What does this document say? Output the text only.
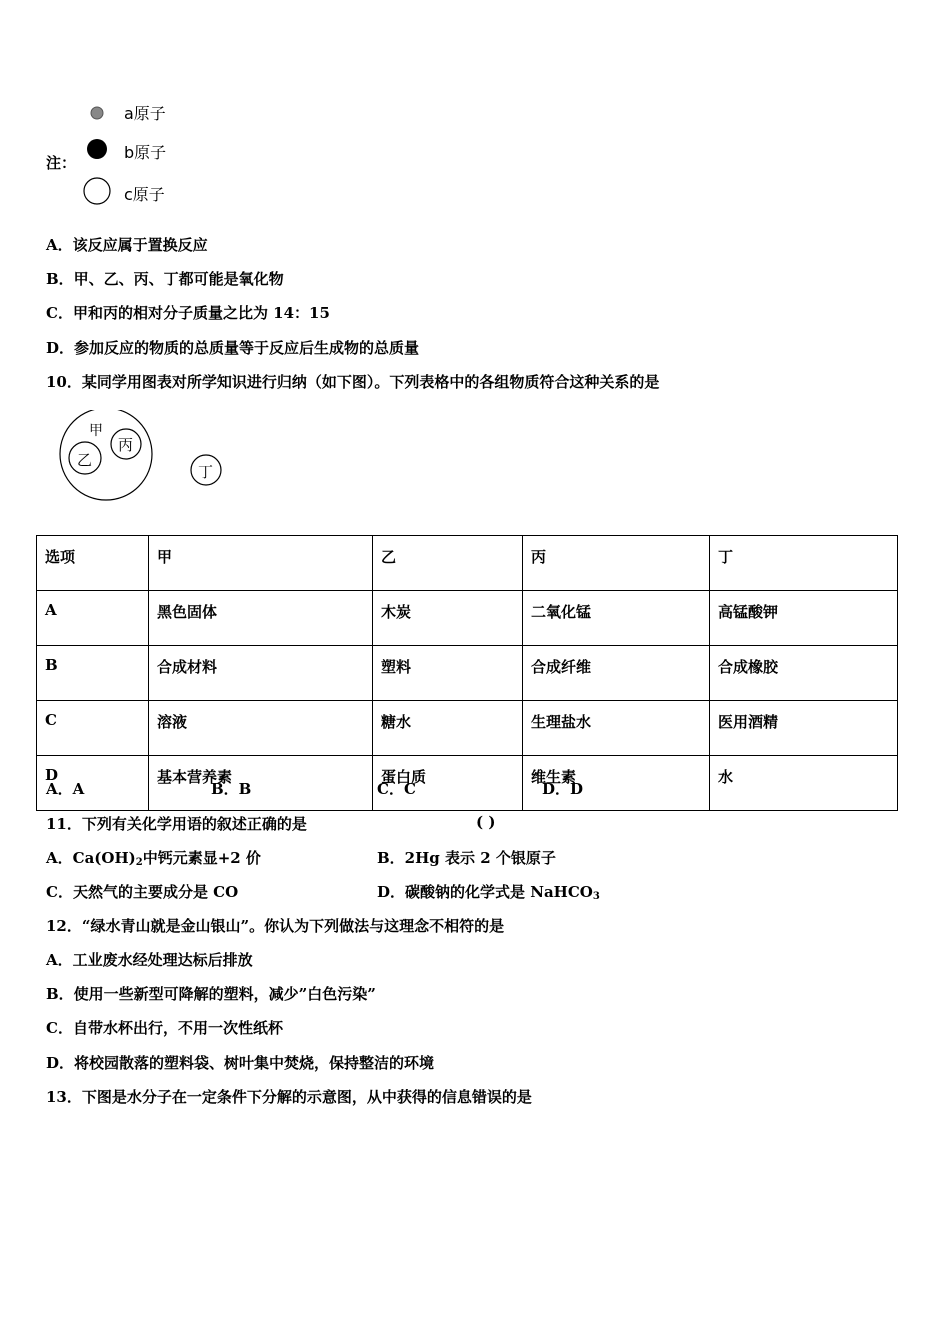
注：
a原子
b原子
c原子
A．该反应属于置换反应
B．甲、乙、丙、丁都可能是氧化物
C．甲和丙的相对分子质量之比为 14：15
D．参加反应的物质的总质量等于反应后生成物的总质量
10．某同学用图表对所学知识进行归纳（如下图）。下列表格中的各组物质符合这种关系的是
甲
乙
丙
丁
选项	甲	乙	丙	丁
A	黑色固体	木炭	二氧化锰	高锰酸钾
B	合成材料	塑料	合成纤维	合成橡胶
C	溶液	糖水	生理盐水	医用酒精
D	基本营养素	蛋白质	维生素	水
A．A	B．B	C．C	D．D
11．下列有关化学用语的叙述正确的是	( )
A．$Ca(OH)_2$中钙元素显+2 价	B．2Hg 表示 2 个银原子
C．天然气的主要成分是 CO	D．碳酸钠的化学式是 NaHCO$_3$
12．“绿水青山就是金山银山”。你认为下列做法与这理念不相符的是
A．工业废水经处理达标后排放
B．使用一些新型可降解的塑料，减少”白色污染”
C．自带水杯出行，不用一次性纸杯
D．将校园散落的塑料袋、树叶集中焚烧，保持整洁的环境
13．下图是水分子在一定条件下分解的示意图，从中获得的信息错误的是
